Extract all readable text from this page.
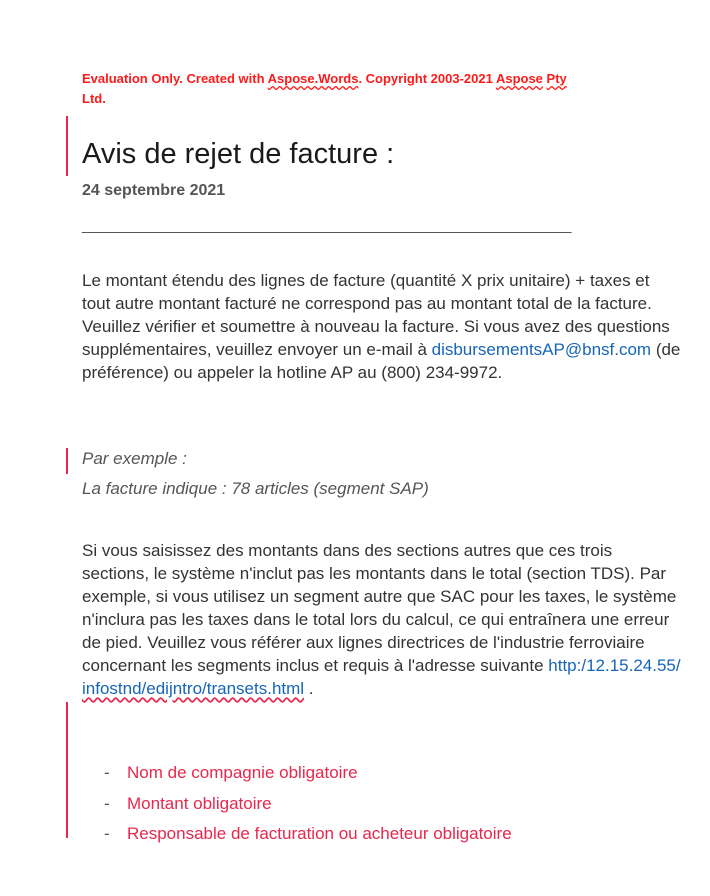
Evaluation Only. Created with Aspose.Words. Copyright 2003-2021 Aspose Pty
Ltd.
Avis de rejet de facture :
24 septembre 2021
_______________________________________________________

Le montant étendu des lignes de facture (quantité X prix unitaire) + taxes et tout autre montant facturé ne correspond pas au montant total de la facture. Veuillez vérifier et soumettre à nouveau la facture. Si vous avez des questions supplémentaires, veuillez envoyer un e-mail à disbursementsAP@bnsf.com (de préférence) ou appeler la hotline AP au (800) 234-9972.

Par exemple :
La facture indique : 78 articles (segment SAP)

Si vous saisissez des montants dans des sections autres que ces trois sections, le système n'inclut pas les montants dans le total (section TDS). Par exemple, si vous utilisez un segment autre que SAC pour les taxes, le système n'inclura pas les taxes dans le total lors du calcul, ce qui entraînera une erreur de pied. Veuillez vous référer aux lignes directrices de l'industrie ferroviaire concernant les segments inclus et requis à l'adresse suivante http:/12.15.24.55/
infostnd/edijntro/transets.html .

-	Nom de compagnie obligatoire
-	Montant obligatoire
-	Responsable de facturation ou acheteur obligatoire
